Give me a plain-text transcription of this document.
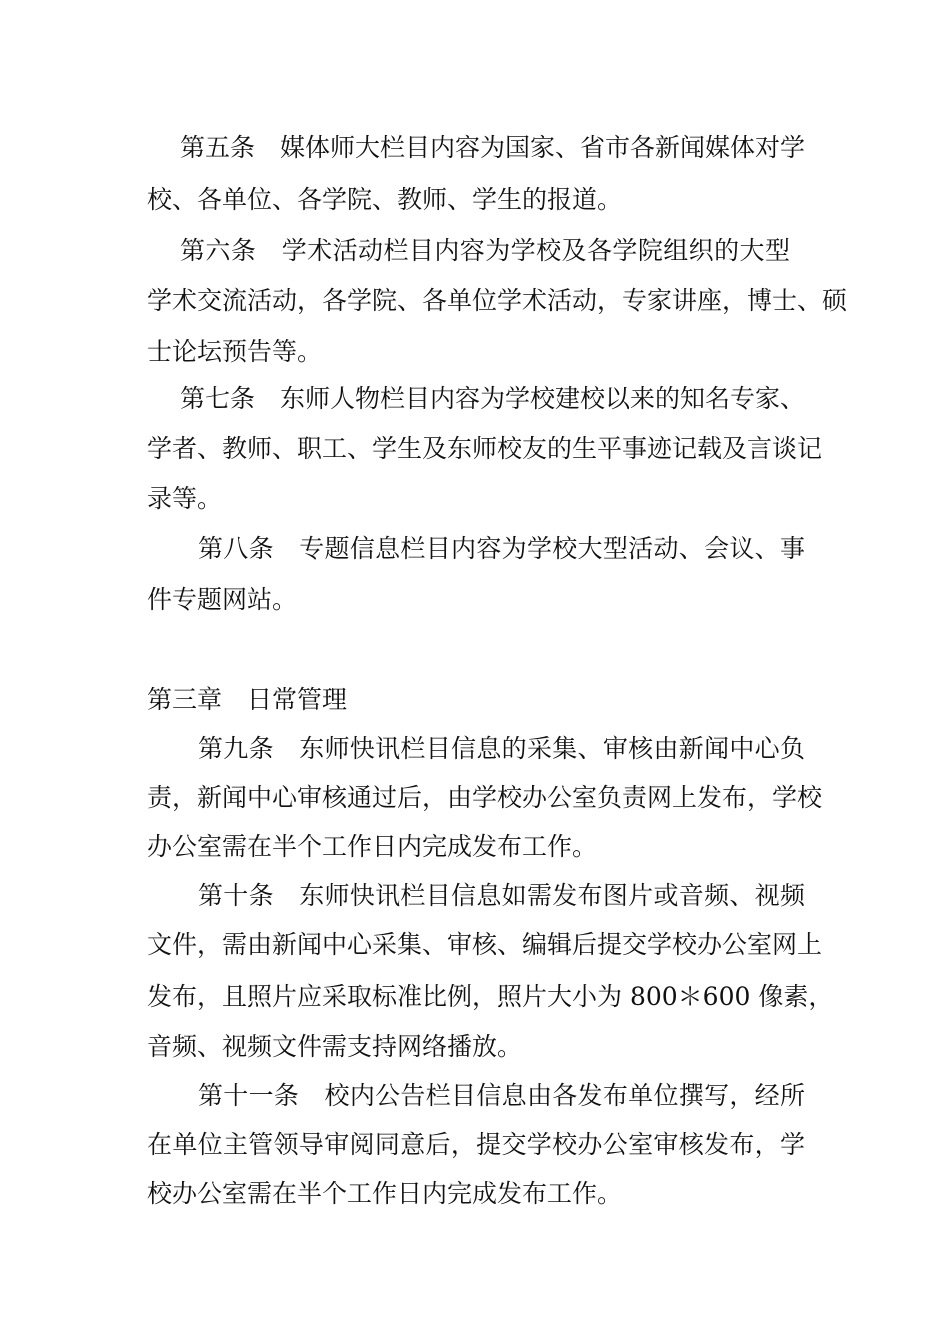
第五条　媒体师大栏目内容为国家、省市各新闻媒体对学
校、各单位、各学院、教师、学生的报道。
第六条　学术活动栏目内容为学校及各学院组织的大型
学术交流活动，各学院、各单位学术活动，专家讲座，博士、硕
士论坛预告等。
第七条　东师人物栏目内容为学校建校以来的知名专家、
学者、教师、职工、学生及东师校友的生平事迹记载及言谈记
录等。
第八条　专题信息栏目内容为学校大型活动、会议、事
件专题网站。
第三章　日常管理
第九条　东师快讯栏目信息的采集、审核由新闻中心负
责，新闻中心审核通过后，由学校办公室负责网上发布，学校
办公室需在半个工作日内完成发布工作。
第十条　东师快讯栏目信息如需发布图片或音频、视频
文件，需由新闻中心采集、审核、编辑后提交学校办公室网上
发布，且照片应采取标准比例，照片大小为 800＊600 像素，
音频、视频文件需支持网络播放。
第十一条　校内公告栏目信息由各发布单位撰写，经所
在单位主管领导审阅同意后，提交学校办公室审核发布，学
校办公室需在半个工作日内完成发布工作。
